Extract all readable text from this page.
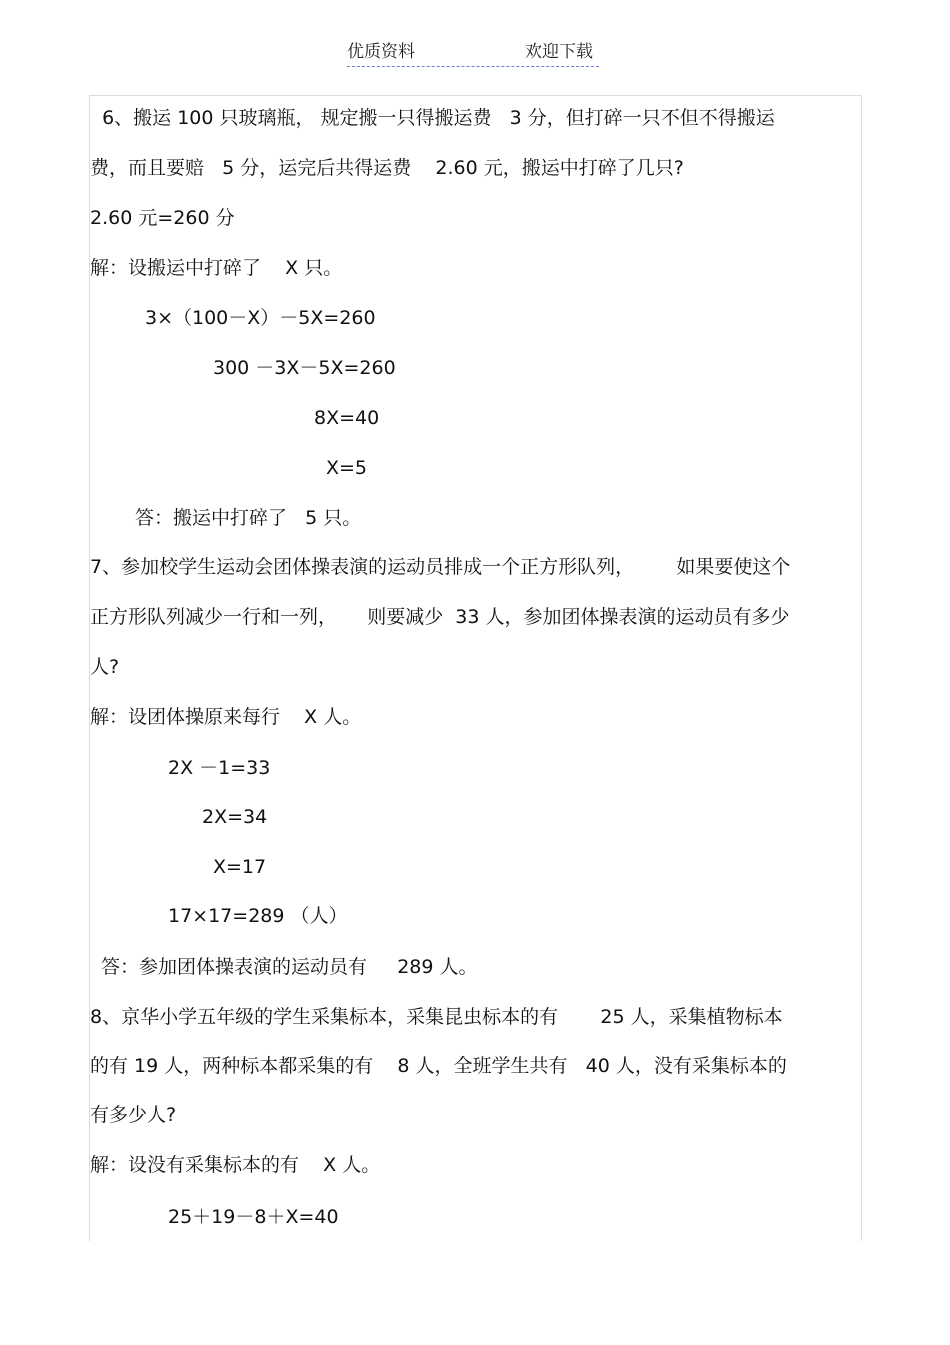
优质资料	欢迎下载
6、搬运 100 只玻璃瓶， 规定搬一只得搬运费   3 分，但打碎一只不但不得搬运
费，而且要赔   5 分，运完后共得运费    2.60 元，搬运中打碎了几只?
2.60 元=260 分
解：设搬运中打碎了    X 只。
3×（100－X）－5X=260
300 －3X－5X=260
8X=40
X=5
答：搬运中打碎了   5 只。
7、参加校学生运动会团体操表演的运动员排成一个正方形队列，       如果要使这个
正方形队列减少一行和一列，     则要减少  33 人，参加团体操表演的运动员有多少
人?
解：设团体操原来每行    X 人。
2X －1=33
2X=34
X=17
17×17=289 （人）
答：参加团体操表演的运动员有     289 人。
8、京华小学五年级的学生采集标本，采集昆虫标本的有       25 人，采集植物标本
的有 19 人，两种标本都采集的有    8 人，全班学生共有   40 人，没有采集标本的
有多少人?
解：设没有采集标本的有    X 人。
25＋19－8＋X=40
